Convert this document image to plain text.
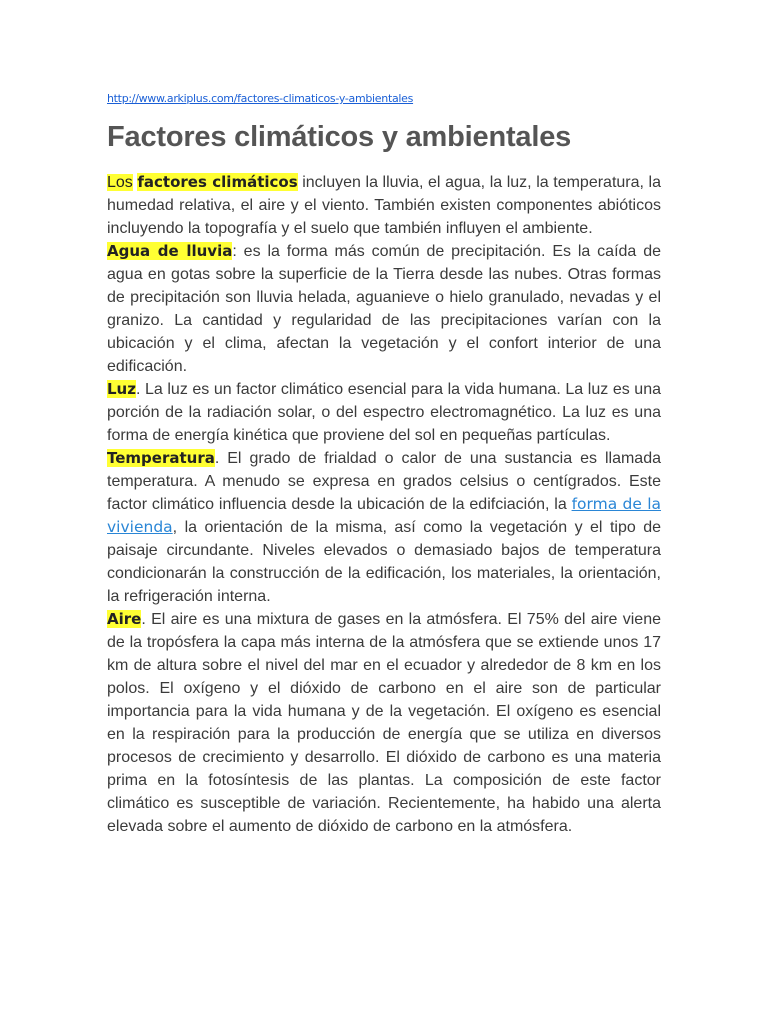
http://www.arkiplus.com/factores-climaticos-y-ambientales
Factores climáticos y ambientales

Los factores climáticos incluyen la lluvia, el agua, la luz, la temperatura, la humedad relativa, el aire y el viento. También existen componentes abióticos incluyendo la topografía y el suelo que también influyen el ambiente.

Agua de lluvia: es la forma más común de precipitación. Es la caída de agua en gotas sobre la superficie de la Tierra desde las nubes. Otras formas de precipitación son lluvia helada, aguanieve o hielo granulado, nevadas y el granizo. La cantidad y regularidad de las precipitaciones varían con la ubicación y el clima, afectan la vegetación y el confort interior de una edificación.

Luz. La luz es un factor climático esencial para la vida humana. La luz es una porción de la radiación solar, o del espectro electromagnético. La luz es una forma de energía kinética que proviene del sol en pequeñas partículas.

Temperatura. El grado de frialdad o calor de una sustancia es llamada temperatura. A menudo se expresa en grados celsius o centígrados. Este factor climático influencia desde la ubicación de la edifciación, la forma de la vivienda, la orientación de la misma, así como la vegetación y el tipo de paisaje circundante. Niveles elevados o demasiado bajos de temperatura condicionarán la construcción de la edificación, los materiales, la orientación, la refrigeración interna.

Aire. El aire es una mixtura de gases en la atmósfera. El 75% del aire viene de la tropósfera la capa más interna de la atmósfera que se extiende unos 17 km de altura sobre el nivel del mar en el ecuador y alrededor de 8 km en los polos. El oxígeno y el dióxido de carbono en el aire son de particular importancia para la vida humana y de la vegetación. El oxígeno es esencial en la respiración para la producción de energía que se utiliza en diversos procesos de crecimiento y desarrollo. El dióxido de carbono es una materia prima en la fotosíntesis de las plantas. La composición de este factor climático es susceptible de variación. Recientemente, ha habido una alerta elevada sobre el aumento de dióxido de carbono en la atmósfera.
